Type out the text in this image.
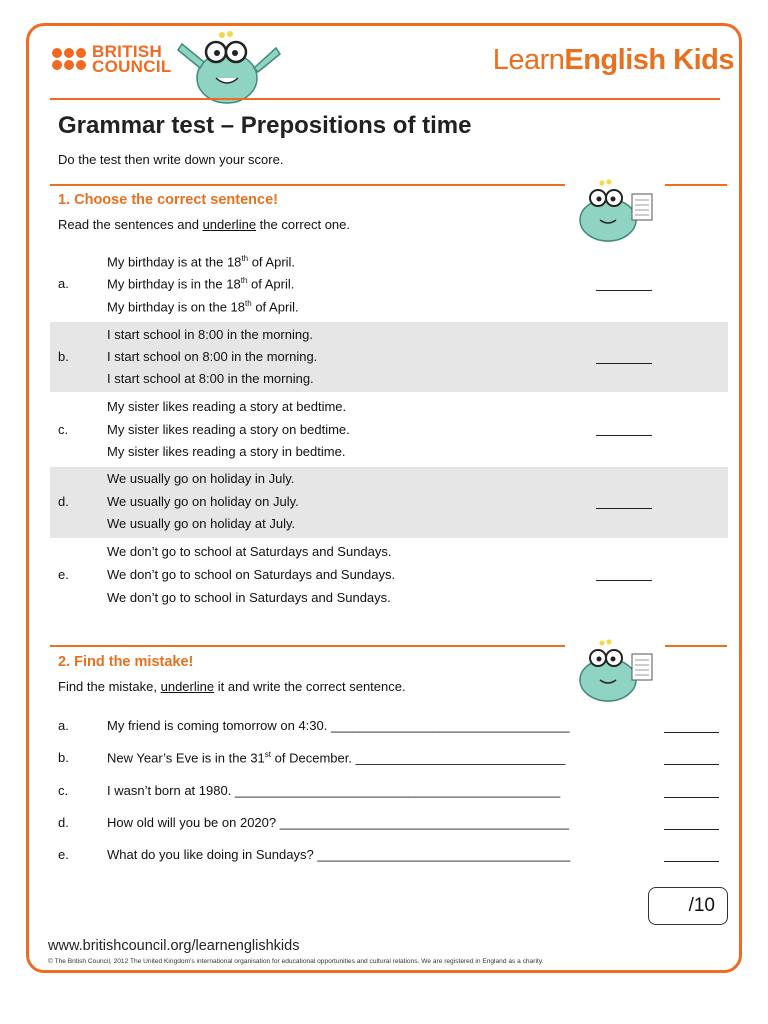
BRITISH
COUNCIL	LearnEnglish Kids
Grammar test – Prepositions of time
Do the test then write down your score.
1. Choose the correct sentence!
Read the sentences and underline the correct one.
a.
My birthday is at the 18th of April.
My birthday is in the 18th of April.
My birthday is on the 18th of April.
b.
I start school in 8:00 in the morning.
I start school on 8:00 in the morning.
I start school at 8:00 in the morning.
c.
My sister likes reading a story at bedtime.
My sister likes reading a story on bedtime.
My sister likes reading a story in bedtime.
d.
We usually go on holiday in July.
We usually go on holiday on July.
We usually go on holiday at July.
e.
We don’t go to school at Saturdays and Sundays.
We don’t go to school on Saturdays and Sundays.
We don’t go to school in Saturdays and Sundays.
2. Find the mistake!
Find the mistake, underline it and write the correct sentence.
a.	My friend is coming tomorrow on 4:30. _________________________________
b.	New Year’s Eve is in the 31st of December. _____________________________
c.	I wasn’t born at 1980. _____________________________________________
d.	How old will you be on 2020? ________________________________________
e.	What do you like doing in Sundays? ___________________________________
/10
www.britishcouncil.org/learnenglishkids
© The British Council, 2012 The United Kingdom’s international organisation for educational opportunities and cultural relations. We are registered in England as a charity.
